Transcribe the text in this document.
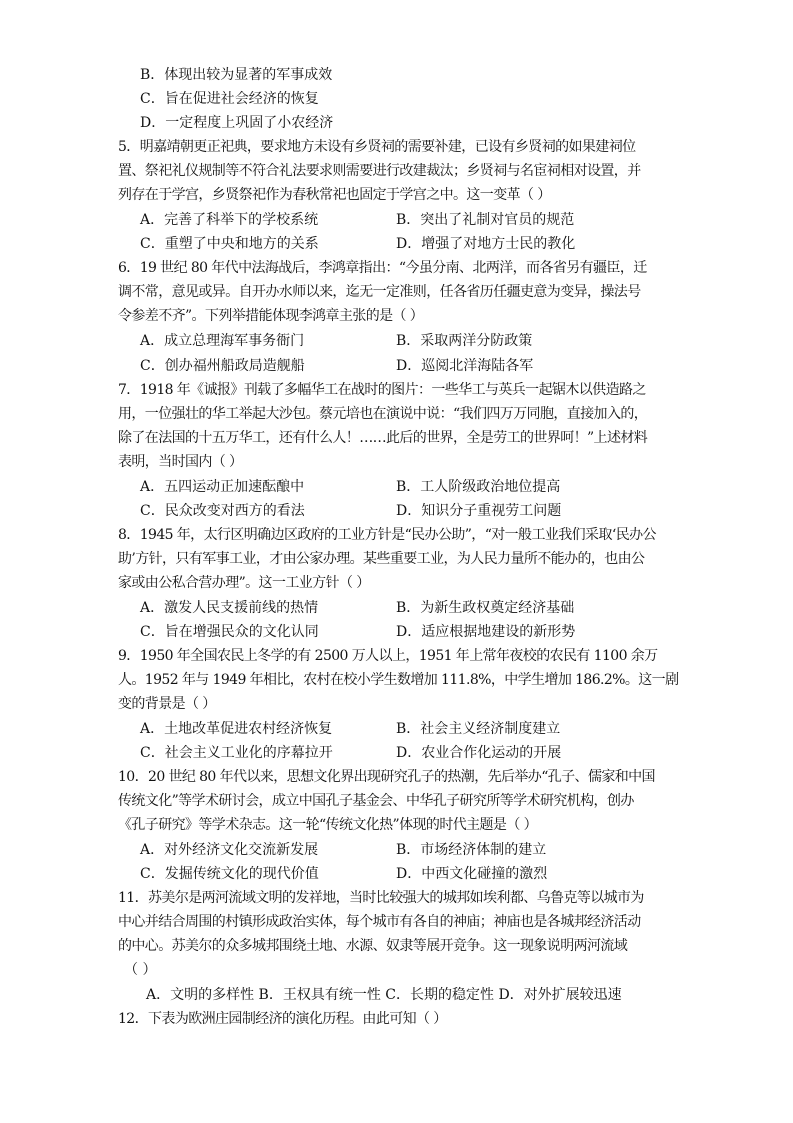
B．体现出较为显著的军事成效
C．旨在促进社会经济的恢复
D．一定程度上巩固了小农经济
5．明嘉靖朝更正祀典，要求地方未设有乡贤祠的需要补建，已设有乡贤祠的如果建祠位
置、祭祀礼仪规制等不符合礼法要求则需要进行改建裁汰；乡贤祠与名宦祠相对设置，并
列存在于学宫，乡贤祭祀作为春秋常祀也固定于学宫之中。这一变革（ ）
A．完善了科举下的学校系统	B．突出了礼制对官员的规范
C．重塑了中央和地方的关系	D．增强了对地方士民的教化
6．19 世纪 80 年代中法海战后，李鸿章指出：“今虽分南、北两洋，而各省另有疆臣，迁
调不常，意见或异。自开办水师以来，迄无一定准则，任各省历任疆吏意为变异，操法号
令参差不齐”。下列举措能体现李鸿章主张的是（ ）
A．成立总理海军事务衙门	B．采取两洋分防政策
C．创办福州船政局造舰船	D．巡阅北洋海陆各军
7．1918 年《诚报》刊载了多幅华工在战时的图片：一些华工与英兵一起锯木以供造路之
用，一位强壮的华工举起大沙包。蔡元培也在演说中说：“我们四万万同胞，直接加入的，
除了在法国的十五万华工，还有什么人！……此后的世界，全是劳工的世界呵！”上述材料
表明，当时国内（ ）
A．五四运动正加速酝酿中	B．工人阶级政治地位提高
C．民众改变对西方的看法	D．知识分子重视劳工问题
8．1945 年，太行区明确边区政府的工业方针是“民办公助”，“对一般工业我们采取‘民办公
助’方针，只有军事工业，才由公家办理。某些重要工业，为人民力量所不能办的，也由公
家或由公私合营办理”。这一工业方针（ ）
A．激发人民支援前线的热情	B．为新生政权奠定经济基础
C．旨在增强民众的文化认同	D．适应根据地建设的新形势
9．1950 年全国农民上冬学的有 2500 万人以上，1951 年上常年夜校的农民有 1100 余万
人。1952 年与 1949 年相比，农村在校小学生数增加 111.8%，中学生增加 186.2%。这一剧
变的背景是（ ）
A．土地改革促进农村经济恢复	B．社会主义经济制度建立
C．社会主义工业化的序幕拉开	D．农业合作化运动的开展
10．20 世纪 80 年代以来，思想文化界出现研究孔子的热潮，先后举办“孔子、儒家和中国
传统文化”等学术研讨会，成立中国孔子基金会、中华孔子研究所等学术研究机构，创办
《孔子研究》等学术杂志。这一轮“传统文化热”体现的时代主题是（ ）
A．对外经济文化交流新发展	B．市场经济体制的建立
C．发掘传统文化的现代价值	D．中西文化碰撞的激烈
11．苏美尔是两河流域文明的发祥地，当时比较强大的城邦如埃利都、乌鲁克等以城市为
中心并结合周围的村镇形成政治实体，每个城市有各自的神庙；神庙也是各城邦经济活动
的中心。苏美尔的众多城邦围绕土地、水源、奴隶等展开竞争。这一现象说明两河流域
（ ）
A．文明的多样性 B．王权具有统一性 C．长期的稳定性 D．对外扩展较迅速
12．下表为欧洲庄园制经济的演化历程。由此可知（ ）
